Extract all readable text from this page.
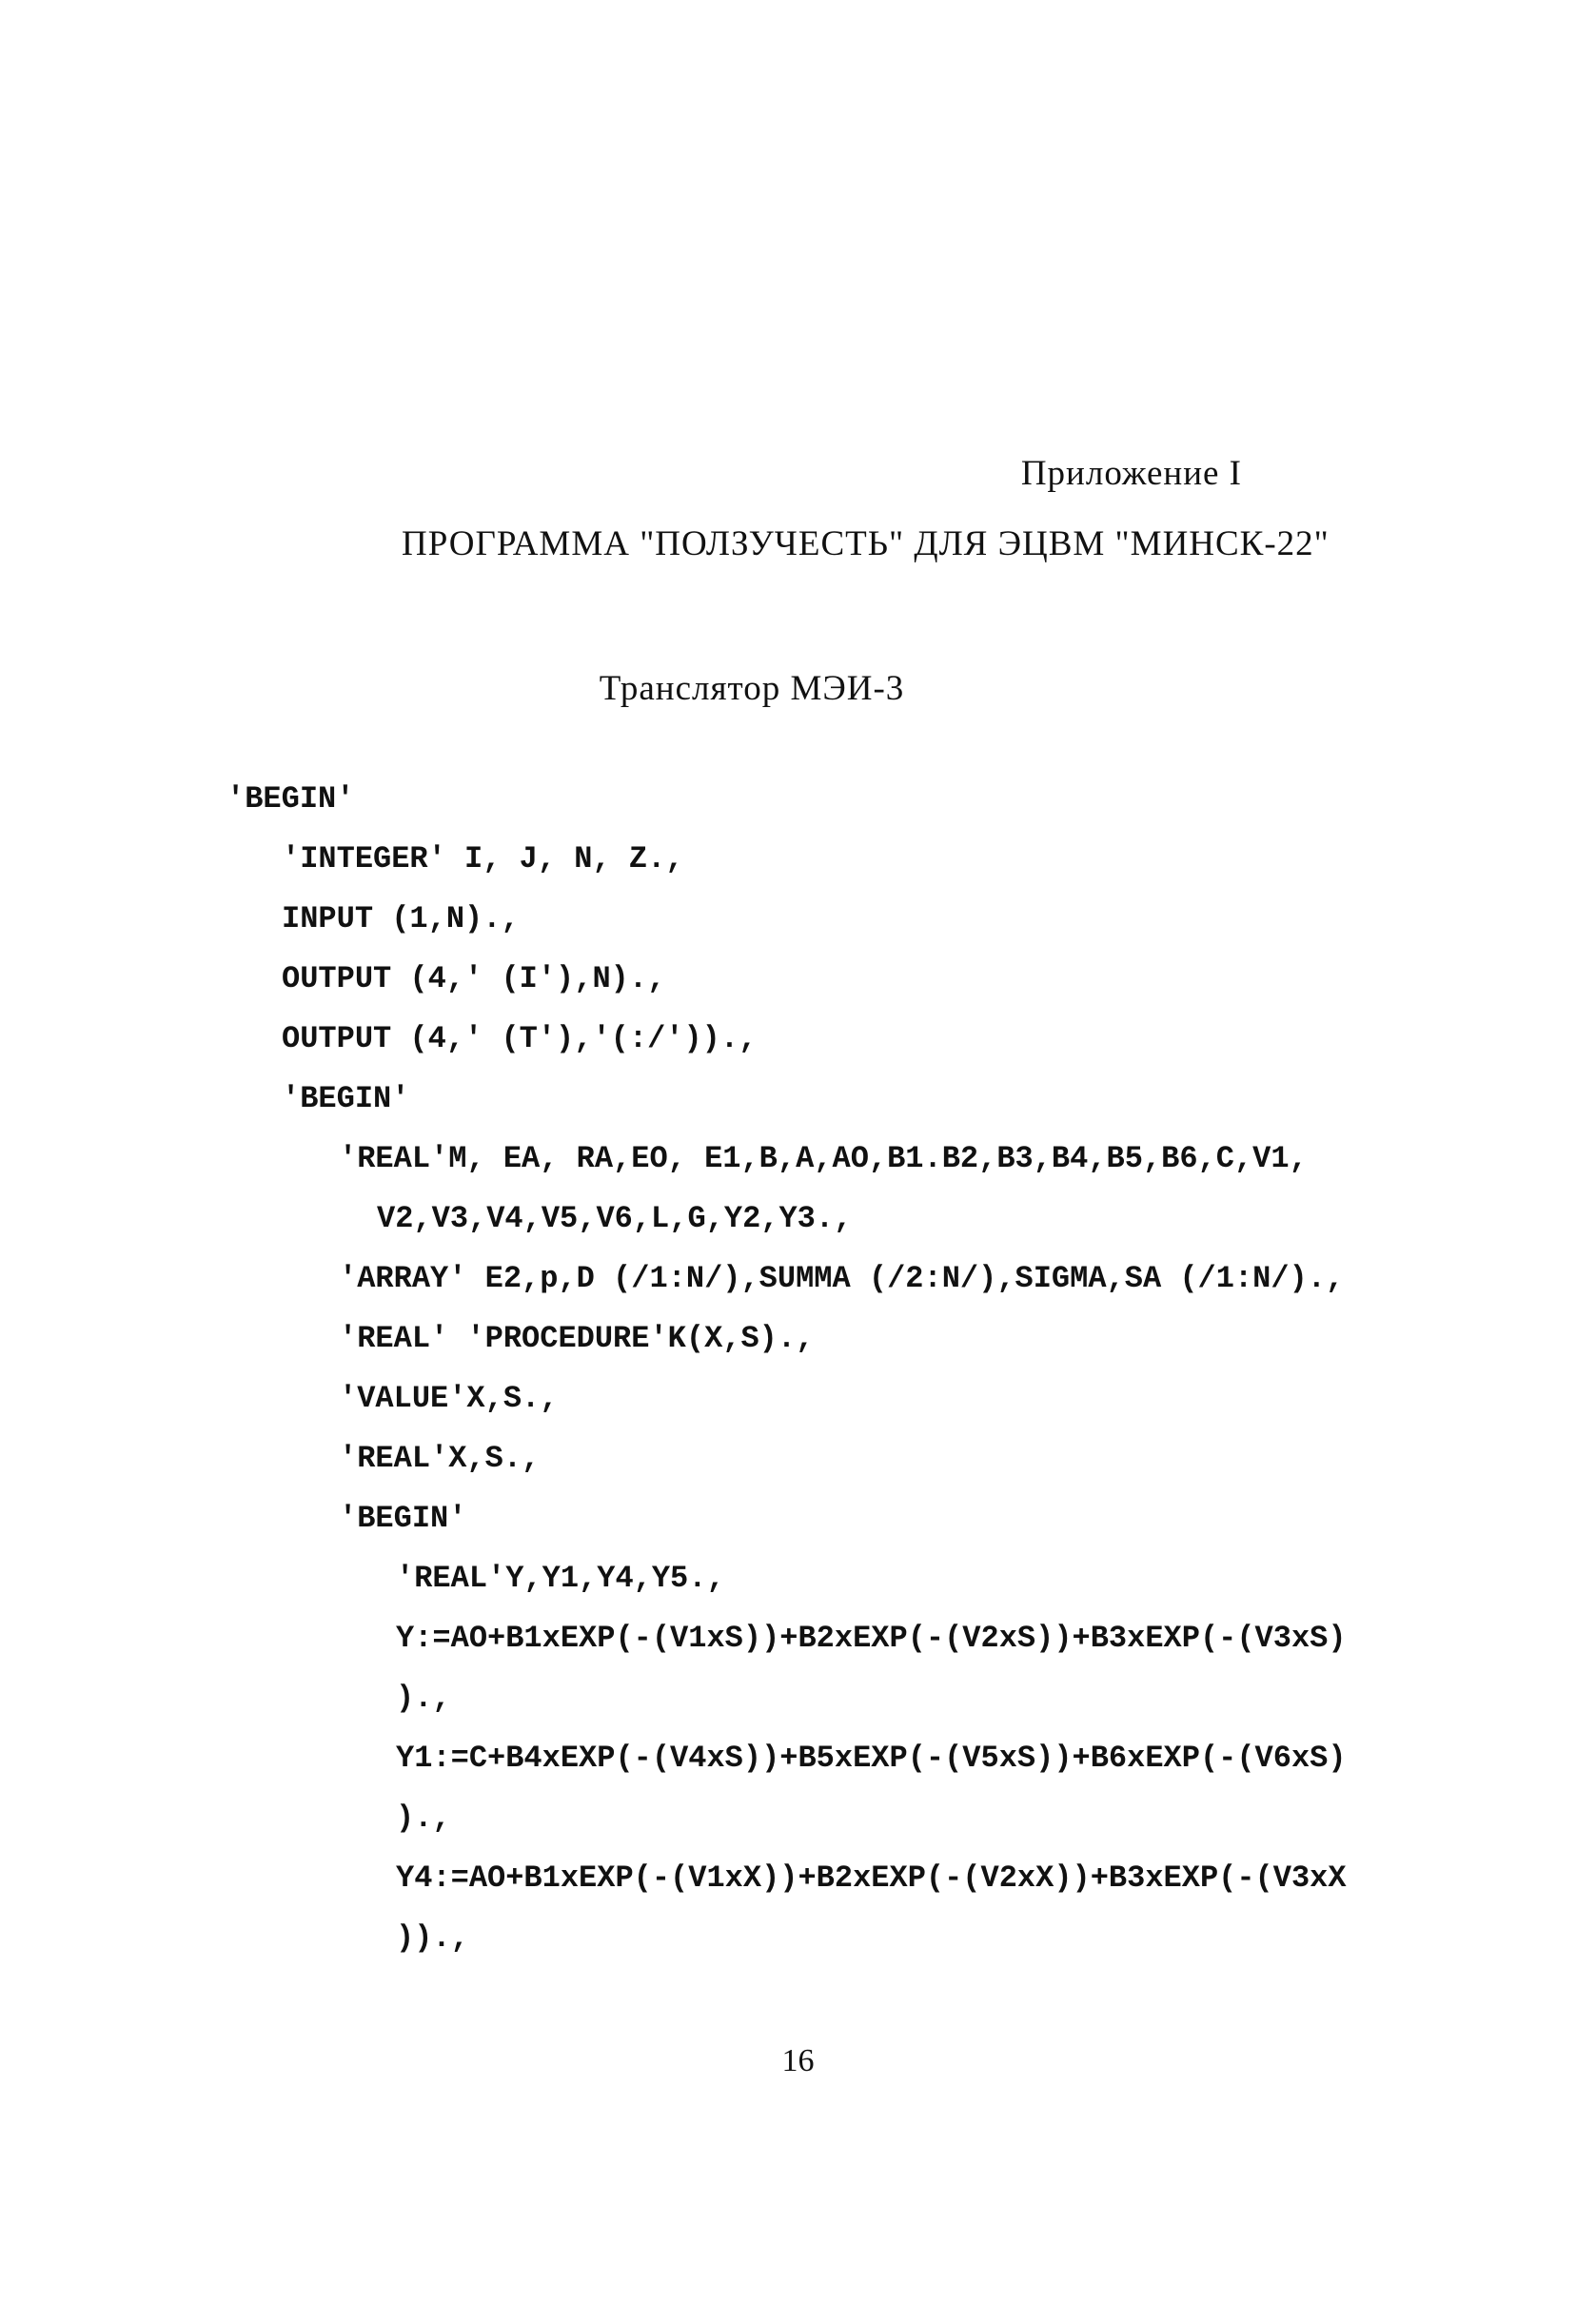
Приложение I
ПРОГРАММА "ПОЛЗУЧЕСТЬ" ДЛЯ ЭЦВМ "МИНСК-22"
Транслятор МЭИ-3
'BEGIN'
'INTEGER' I, J, N, Z.,
INPUT (1,N).,
OUTPUT (4,' (I'),N).,
OUTPUT (4,' (T'),'(:/')).,
'BEGIN'
'REAL'M, EA, RA,EO, E1,B,A,AO,B1.B2,B3,B4,B5,B6,C,V1,
V2,V3,V4,V5,V6,L,G,Y2,Y3.,
'ARRAY' E2,p,D (/1:N/),SUMMA (/2:N/),SIGMA,SA (/1:N/).,
'REAL' 'PROCEDURE'K(X,S).,
'VALUE'X,S.,
'REAL'X,S.,
'BEGIN'
'REAL'Y,Y1,Y4,Y5.,
Y:=AO+B1xEXP(-(V1xS))+B2xEXP(-(V2xS))+B3xEXP(-(V3xS)
).,
Y1:=C+B4xEXP(-(V4xS))+B5xEXP(-(V5xS))+B6xEXP(-(V6xS)
).,
Y4:=AO+B1xEXP(-(V1xX))+B2xEXP(-(V2xX))+B3xEXP(-(V3xX
)).,
16
